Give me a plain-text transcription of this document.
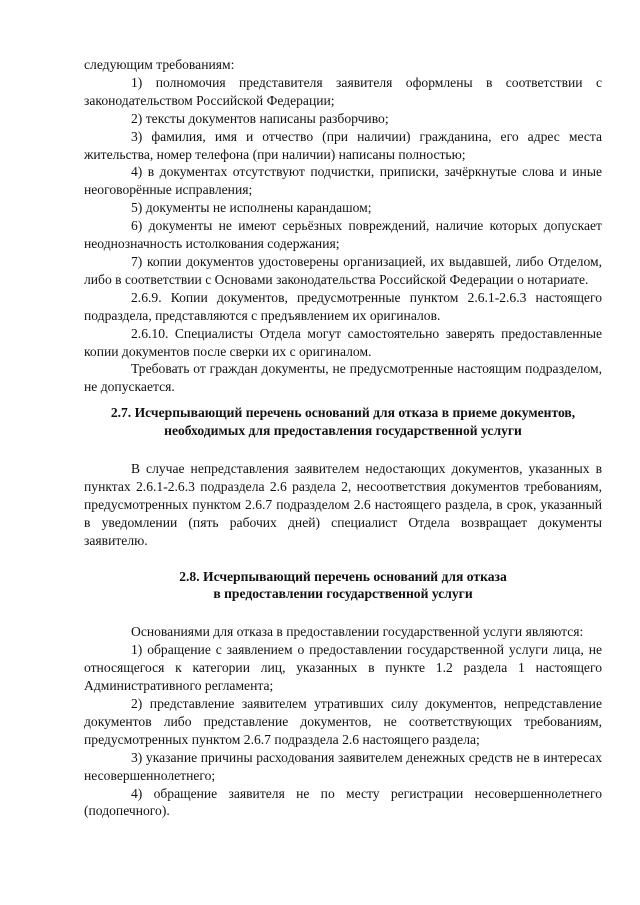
следующим требованиям:

1) полномочия представителя заявителя оформлены в соответствии с законодательством Российской Федерации;

2) тексты документов написаны разборчиво;

3) фамилия, имя и отчество (при наличии) гражданина, его адрес места жительства, номер телефона (при наличии) написаны полностью;

4) в документах отсутствуют подчистки, приписки, зачёркнутые слова и иные неоговорённые исправления;

5) документы не исполнены карандашом;

6) документы не имеют серьёзных повреждений, наличие которых допускает неоднозначность истолкования содержания;

7) копии документов удостоверены организацией, их выдавшей, либо Отделом, либо в соответствии с Основами законодательства Российской Федерации о нотариате.

2.6.9. Копии документов, предусмотренные пунктом 2.6.1-2.6.3 настоящего подраздела, представляются с предъявлением их оригиналов.

2.6.10. Специалисты Отдела могут самостоятельно заверять предоставленные копии документов после сверки их с оригиналом.

Требовать от граждан документы, не предусмотренные настоящим подразделом, не допускается.

2.7. Исчерпывающий перечень оснований для отказа в приеме документов, необходимых для предоставления государственной услуги

В случае непредставления заявителем недостающих документов, указанных в пунктах 2.6.1-2.6.3 подраздела 2.6 раздела 2, несоответствия документов требованиям, предусмотренных пунктом 2.6.7 подразделом 2.6 настоящего раздела, в срок, указанный в уведомлении (пять рабочих дней) специалист Отдела возвращает документы заявителю.

2.8. Исчерпывающий перечень оснований для отказа
в предоставлении государственной услуги

Основаниями для отказа в предоставлении государственной услуги являются:

1) обращение с заявлением о предоставлении государственной услуги лица, не относящегося к категории лиц, указанных в пункте 1.2 раздела 1 настоящего Административного регламента;

2) представление заявителем утративших силу документов, непредставление документов либо представление документов, не соответствующих требованиям, предусмотренных пунктом 2.6.7 подраздела 2.6 настоящего раздела;

3) указание причины расходования заявителем денежных средств не в интересах несовершеннолетнего;

4) обращение заявителя не по месту регистрации несовершеннолетнего (подопечного).
